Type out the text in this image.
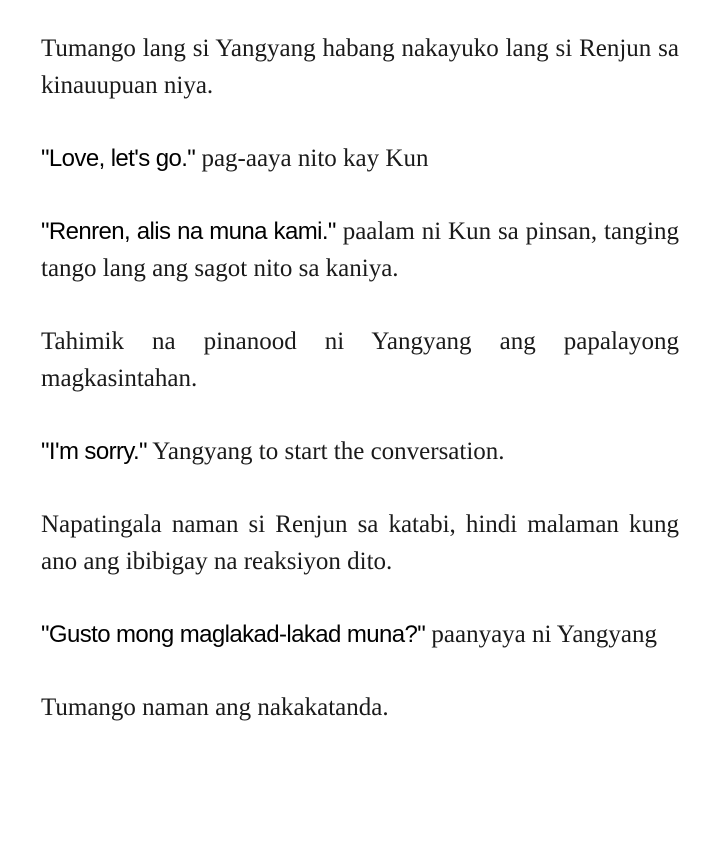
Tumango lang si Yangyang habang nakayuko lang si Renjun sa kinauupuan niya.

"Love, let's go." pag-aaya nito kay Kun

"Renren, alis na muna kami." paalam ni Kun sa pinsan, tanging tango lang ang sagot nito sa kaniya.

Tahimik na pinanood ni Yangyang ang papalayong magkasintahan.

"I'm sorry." Yangyang to start the conversation.

Napatingala naman si Renjun sa katabi, hindi malaman kung ano ang ibibigay na reaksiyon dito.

"Gusto mong maglakad-lakad muna?" paanyaya ni Yangyang

Tumango naman ang nakakatanda.
